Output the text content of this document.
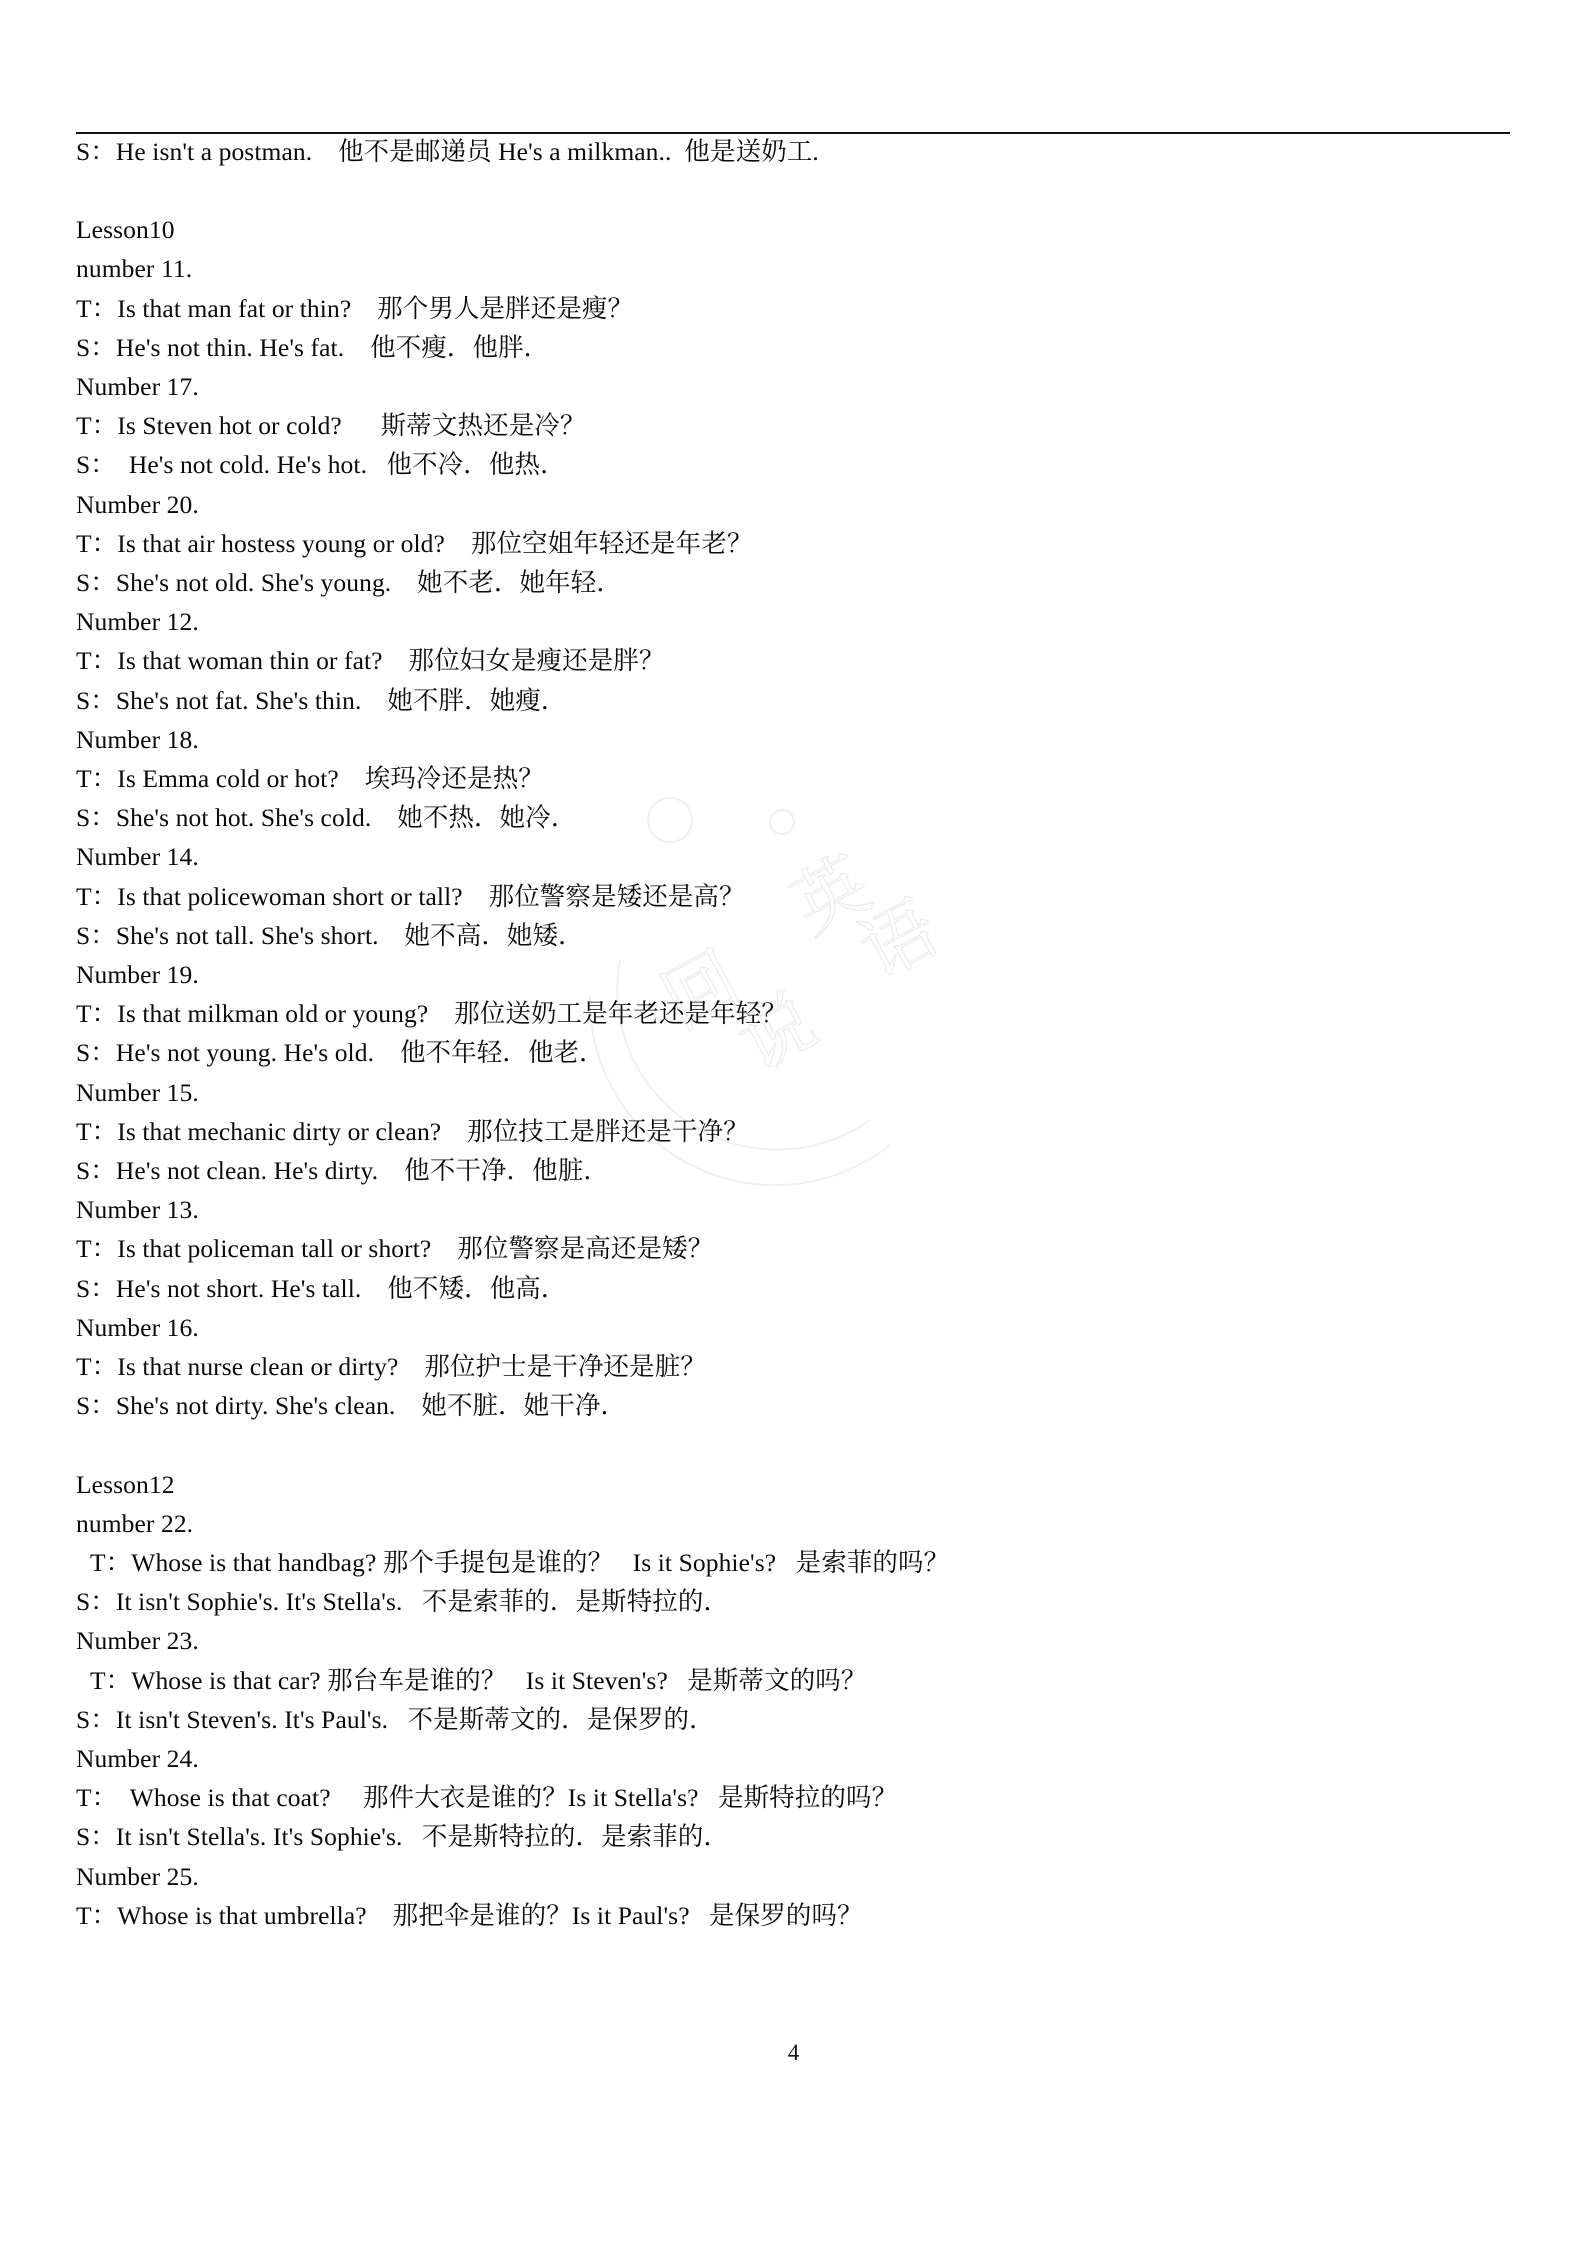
英
语
回
说
S：He isn't a postman.    他不是邮递员 He's a milkman..  他是送奶工.
Lesson10
number 11.
T：Is that man fat or thin?    那个男人是胖还是瘦？
S：He's not thin. He's fat.    他不瘦．他胖．
Number 17.
T：Is Steven hot or cold?      斯蒂文热还是冷？
S：  He's not cold. He's hot.   他不冷．他热．
Number 20.
T：Is that air hostess young or old?    那位空姐年轻还是年老？
S：She's not old. She's young.    她不老．她年轻．
Number 12.
T：Is that woman thin or fat?    那位妇女是瘦还是胖？
S：She's not fat. She's thin.    她不胖．她瘦．
Number 18.
T：Is Emma cold or hot?    埃玛冷还是热？
S：She's not hot. She's cold.    她不热．她冷．
Number 14.
T：Is that policewoman short or tall?    那位警察是矮还是高？
S：She's not tall. She's short.    她不高．她矮．
Number 19.
T：Is that milkman old or young?    那位送奶工是年老还是年轻？
S：He's not young. He's old.    他不年轻．他老．
Number 15.
T：Is that mechanic dirty or clean?    那位技工是胖还是干净？
S：He's not clean. He's dirty.    他不干净．他脏．
Number 13.
T：Is that policeman tall or short?    那位警察是高还是矮？
S：He's not short. He's tall.    他不矮．他高．
Number 16.
T：Is that nurse clean or dirty?    那位护士是干净还是脏？
S：She's not dirty. She's clean.    她不脏．她干净．
Lesson12
number 22.
T：Whose is that handbag? 那个手提包是谁的？   Is it Sophie's?   是索菲的吗？
S：It isn't Sophie's. It's Stella's.   不是索菲的．是斯特拉的．
Number 23.
T：Whose is that car? 那台车是谁的？   Is it Steven's?   是斯蒂文的吗？
S：It isn't Steven's. It's Paul's.   不是斯蒂文的．是保罗的．
Number 24.
T：  Whose is that coat?     那件大衣是谁的？Is it Stella's?   是斯特拉的吗？
S：It isn't Stella's. It's Sophie's.   不是斯特拉的．是索菲的．
Number 25.
T：Whose is that umbrella?    那把伞是谁的？Is it Paul's?   是保罗的吗？
4
